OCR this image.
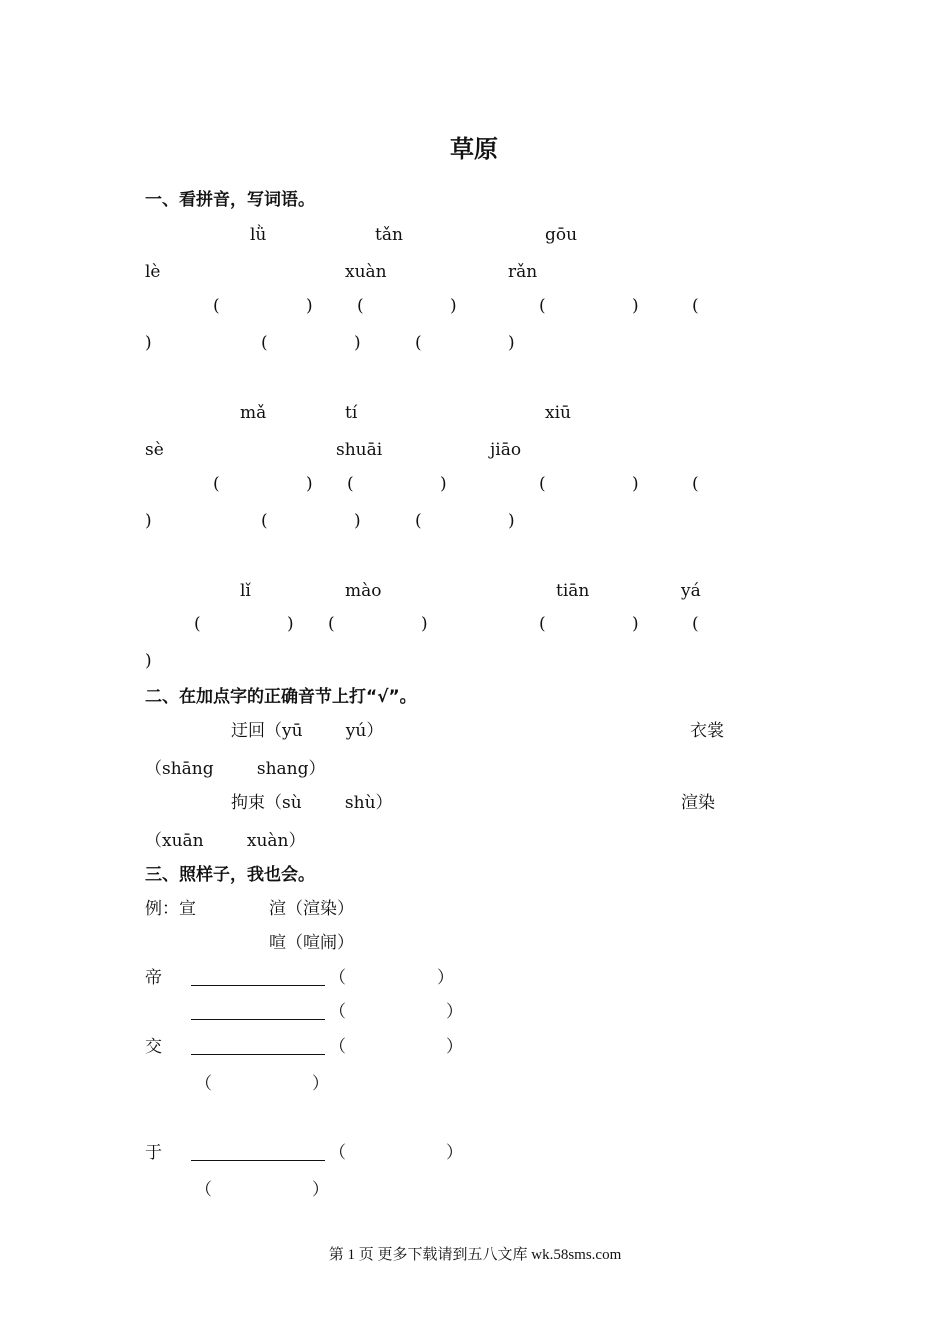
草原
一、看拼音，写词语。
lǜ	tǎn	gōu
lè	xuàn	rǎn
(	)	(	)	(	)	(
)	(	)	(	)
mǎ	tí	xiū
sè	shuāi	jiāo
(	) (	)	(	)	(
)	(	)	(	)
lǐ	mào	tiān	yá
(	) (	)	(	)	(
)
二、在加点字的正确音节上打“√”。
迂回（yū        yú）	衣裳
（shāng        shang）
拘束（sù        shù）	渲染
（xuān        xuàn）
三、照样子，我也会。
例：宣	渲（渲染）
喧（喧闹）
帝	（	）
（	）
交	（	）
（	）
于	（	）
（	）
第 1 页 更多下载请到五八文库 wk.58sms.com
